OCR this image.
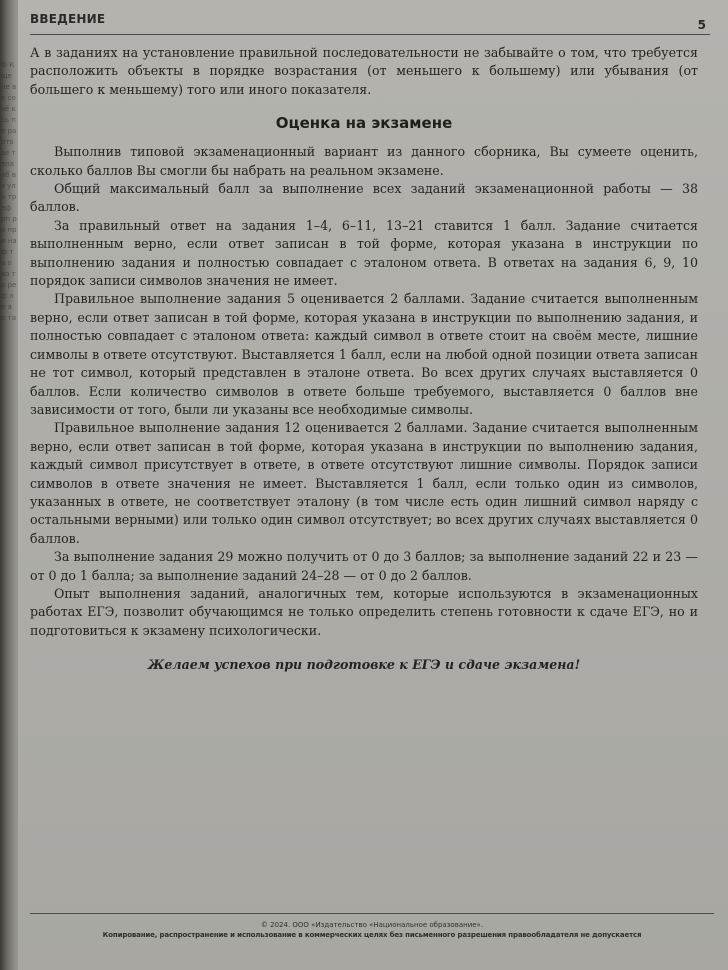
Ф К ще не ве со чё к сь пе ра ото ве т ела аб вэ ул н тр еф рп ра при на ф т а о во тр ре ф ле а р та
ВВЕДЕНИЕ	5

А в заданиях на установление правильной последовательности не забывайте о том, что требуется расположить объекты в порядке возрастания (от меньшего к большему) или убывания (от большего к меньшему) того или иного показателя.

Оценка на экзамене

Выполнив типовой экзаменационный вариант из данного сборника, Вы сумеете оценить, сколько баллов Вы смогли бы набрать на реальном экзамене.

Общий максимальный балл за выполнение всех заданий экзаменационной работы — 38 баллов.

За правильный ответ на задания 1–4, 6–11, 13–21 ставится 1 балл. Задание считается выполненным верно, если ответ записан в той форме, которая указана в инструкции по выполнению задания и полностью совпадает с эталоном ответа. В ответах на задания 6, 9, 10 порядок записи символов значения не имеет.

Правильное выполнение задания 5 оценивается 2 баллами. Задание считается выполненным верно, если ответ записан в той форме, которая указана в инструкции по выполнению задания, и полностью совпадает с эталоном ответа: каждый символ в ответе стоит на своём месте, лишние символы в ответе отсутствуют. Выставляется 1 балл, если на любой одной позиции ответа записан не тот символ, который представлен в эталоне ответа. Во всех других случаях выставляется 0 баллов. Если количество символов в ответе больше требуемого, выставляется 0 баллов вне зависимости от того, были ли указаны все необходимые символы.

Правильное выполнение задания 12 оценивается 2 баллами. Задание считается выполненным верно, если ответ записан в той форме, которая указана в инструкции по выполнению задания, каждый символ присутствует в ответе, в ответе отсутствуют лишние символы. Порядок записи символов в ответе значения не имеет. Выставляется 1 балл, если только один из символов, указанных в ответе, не соответствует эталону (в том числе есть один лишний символ наряду с остальными верными) или только один символ отсутствует; во всех других случаях выставляется 0 баллов.

За выполнение задания 29 можно получить от 0 до 3 баллов; за выполнение заданий 22 и 23 — от 0 до 1 балла; за выполнение заданий 24–28 — от 0 до 2 баллов.

Опыт выполнения заданий, аналогичных тем, которые используются в экзаменационных работах ЕГЭ, позволит обучающимся не только определить степень готовности к сдаче ЕГЭ, но и подготовиться к экзамену психологически.

Желаем успехов при подготовке к ЕГЭ и сдаче экзамена!
© 2024. ООО «Издательство «Национальное образование».
Копирование, распространение и использование в коммерческих целях без письменного разрешения правообладателя не допускается
